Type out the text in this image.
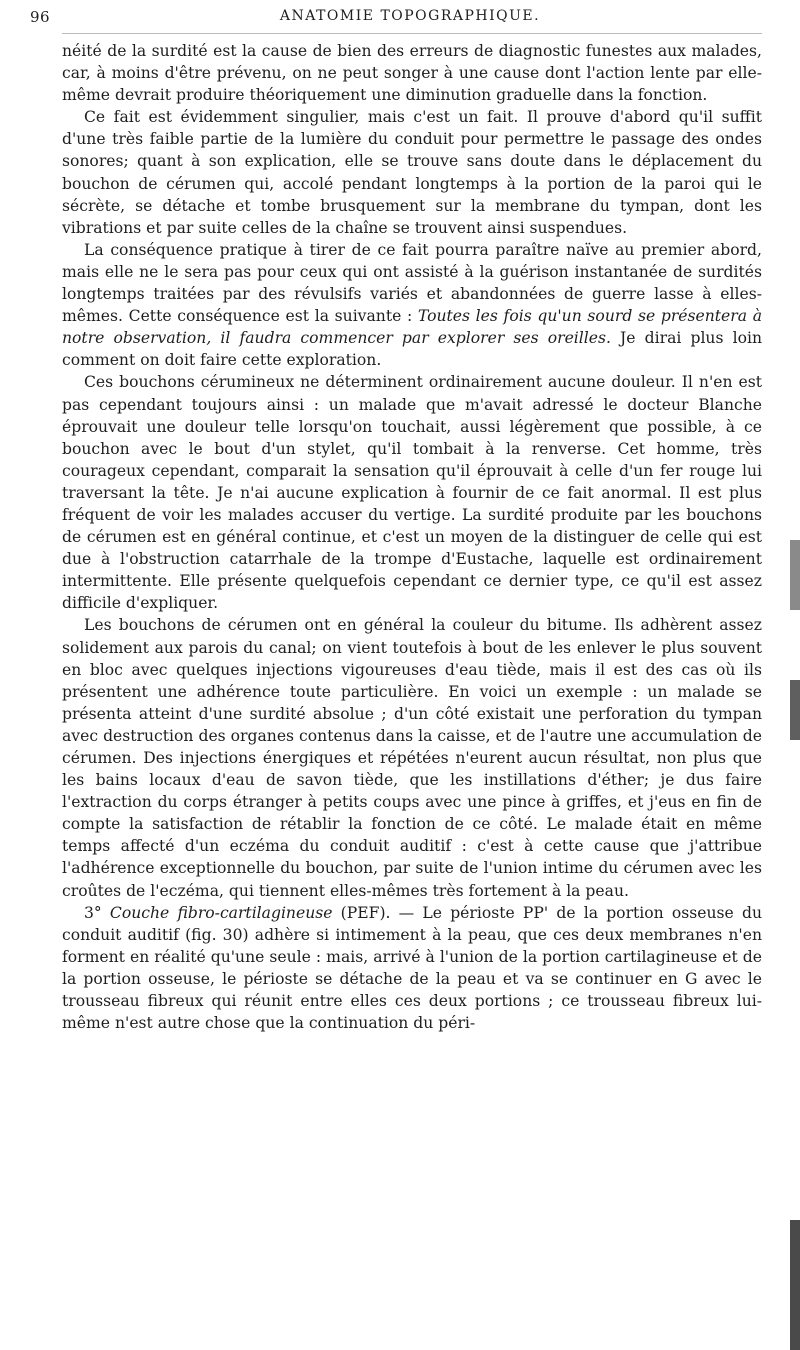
96	ANATOMIE TOPOGRAPHIQUE.

néité de la surdité est la cause de bien des erreurs de diagnostic funestes aux malades, car, à moins d'être prévenu, on ne peut songer à une cause dont l'action lente par elle-même devrait produire théoriquement une diminution graduelle dans la fonction.

Ce fait est évidemment singulier, mais c'est un fait. Il prouve d'abord qu'il suffit d'une très faible partie de la lumière du conduit pour permettre le passage des ondes sonores; quant à son explication, elle se trouve sans doute dans le déplacement du bouchon de cérumen qui, accolé pendant longtemps à la portion de la paroi qui le sécrète, se détache et tombe brusquement sur la membrane du tympan, dont les vibrations et par suite celles de la chaîne se trouvent ainsi suspendues.

La conséquence pratique à tirer de ce fait pourra paraître naïve au premier abord, mais elle ne le sera pas pour ceux qui ont assisté à la guérison instantanée de surdités longtemps traitées par des révulsifs variés et abandonnées de guerre lasse à elles-mêmes. Cette conséquence est la suivante : Toutes les fois qu'un sourd se présentera à notre observation, il faudra commencer par explorer ses oreilles. Je dirai plus loin comment on doit faire cette exploration.

Ces bouchons cérumineux ne déterminent ordinairement aucune douleur. Il n'en est pas cependant toujours ainsi : un malade que m'avait adressé le docteur Blanche éprouvait une douleur telle lorsqu'on touchait, aussi légèrement que possible, à ce bouchon avec le bout d'un stylet, qu'il tombait à la renverse. Cet homme, très courageux cependant, comparait la sensation qu'il éprouvait à celle d'un fer rouge lui traversant la tête. Je n'ai aucune explication à fournir de ce fait anormal. Il est plus fréquent de voir les malades accuser du vertige. La surdité produite par les bouchons de cérumen est en général continue, et c'est un moyen de la distinguer de celle qui est due à l'obstruction catarrhale de la trompe d'Eustache, laquelle est ordinairement intermittente. Elle présente quelquefois cependant ce dernier type, ce qu'il est assez difficile d'expliquer.

Les bouchons de cérumen ont en général la couleur du bitume. Ils adhèrent assez solidement aux parois du canal; on vient toutefois à bout de les enlever le plus souvent en bloc avec quelques injections vigoureuses d'eau tiède, mais il est des cas où ils présentent une adhérence toute particulière. En voici un exemple : un malade se présenta atteint d'une surdité absolue ; d'un côté existait une perforation du tympan avec destruction des organes contenus dans la caisse, et de l'autre une accumulation de cérumen. Des injections énergiques et répétées n'eurent aucun résultat, non plus que les bains locaux d'eau de savon tiède, que les instillations d'éther; je dus faire l'extraction du corps étranger à petits coups avec une pince à griffes, et j'eus en fin de compte la satisfaction de rétablir la fonction de ce côté. Le malade était en même temps affecté d'un eczéma du conduit auditif : c'est à cette cause que j'attribue l'adhérence exceptionnelle du bouchon, par suite de l'union intime du cérumen avec les croûtes de l'eczéma, qui tiennent elles-mêmes très fortement à la peau.

3° Couche fibro-cartilagineuse (PEF). — Le périoste PP' de la portion osseuse du conduit auditif (fig. 30) adhère si intimement à la peau, que ces deux membranes n'en forment en réalité qu'une seule : mais, arrivé à l'union de la portion cartilagineuse et de la portion osseuse, le périoste se détache de la peau et va se continuer en G avec le trousseau fibreux qui réunit entre elles ces deux portions ; ce trousseau fibreux lui-même n'est autre chose que la continuation du péri-
